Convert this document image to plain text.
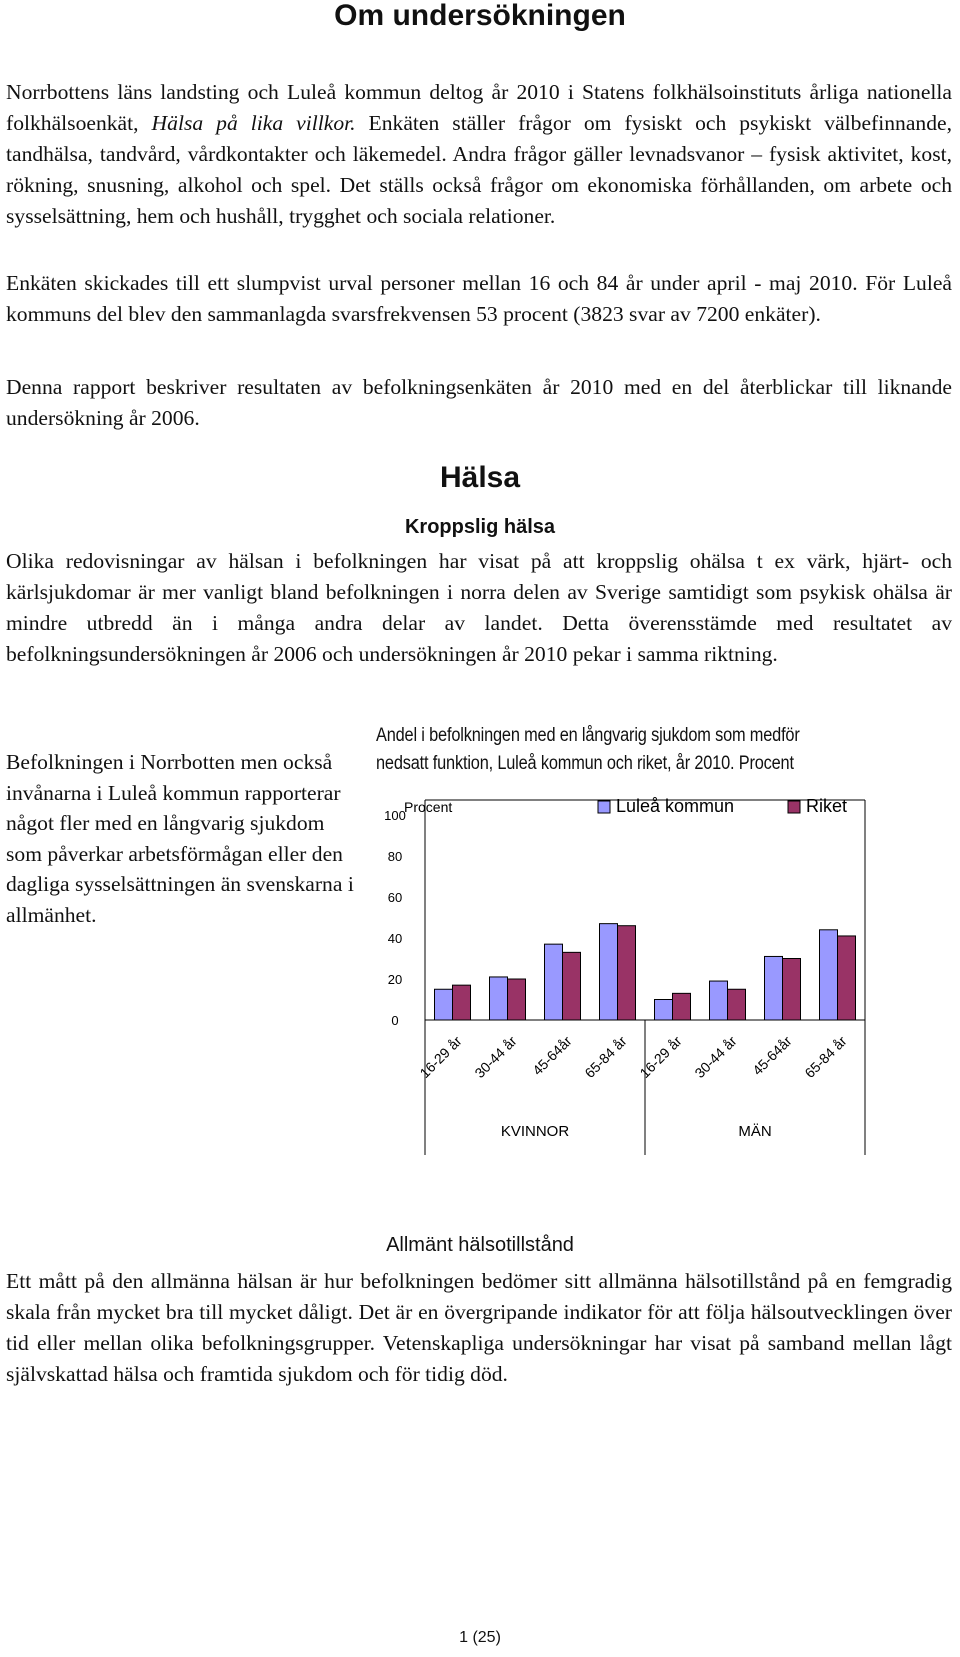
Om undersökningen

Norrbottens läns landsting och Luleå kommun deltog år 2010 i Statens folkhälsoinstituts årliga nationella folkhälsoenkät, Hälsa på lika villkor. Enkäten ställer frågor om fysiskt och psykiskt välbefinnande, tandhälsa, tandvård, vårdkontakter och läkemedel. Andra frågor gäller levnadsvanor – fysisk aktivitet, kost, rökning, snusning, alkohol och spel. Det ställs också frågor om ekonomiska förhållanden, om arbete och sysselsättning, hem och hushåll, trygghet och sociala relationer.

Enkäten skickades till ett slumpvist urval personer mellan 16 och 84 år under april - maj 2010. För Luleå kommuns del blev den sammanlagda svarsfrekvensen 53 procent (3823 svar av 7200 enkäter).

Denna rapport beskriver resultaten av befolkningsenkäten år 2010 med en del återblickar till liknande undersökning år 2006.

Hälsa
Kroppslig hälsa

Olika redovisningar av hälsan i befolkningen har visat på att kroppslig ohälsa t ex värk, hjärt- och kärlsjukdomar är mer vanligt bland befolkningen i norra delen av Sverige samtidigt som psykisk ohälsa är mindre utbredd än i många andra delar av landet. Detta överensstämde med resultatet av befolkningsundersökningen år 2006 och undersökningen år 2010 pekar i samma riktning.

Befolkningen i Norrbotten men också invånarna i Luleå kommun rapporterar något fler med en långvarig sjukdom som påverkar arbetsförmågan eller den dagliga sysselsättningen än svenskarna i allmänhet.

Andel i befolkningen med en långvarig sjukdom som medför nedsatt funktion, Luleå kommun och riket, år 2010. Procent
0
20
40
60
80
100
Procent
KVINNOR	MÄN
16-29 år 30-44 år 45-64år 65-84 år 16-29 år 30-44 år 45-64år 65-84 år
Luleå kommun	Riket
Allmänt hälsotillstånd

Ett mått på den allmänna hälsan är hur befolkningen bedömer sitt allmänna hälsotillstånd på en femgradig skala från mycket bra till mycket dåligt. Det är en övergripande indikator för att följa hälsoutvecklingen över tid eller mellan olika befolkningsgrupper. Vetenskapliga undersökningar har visat på samband mellan lågt självskattad hälsa och framtida sjukdom och för tidig död.

1 (25)
